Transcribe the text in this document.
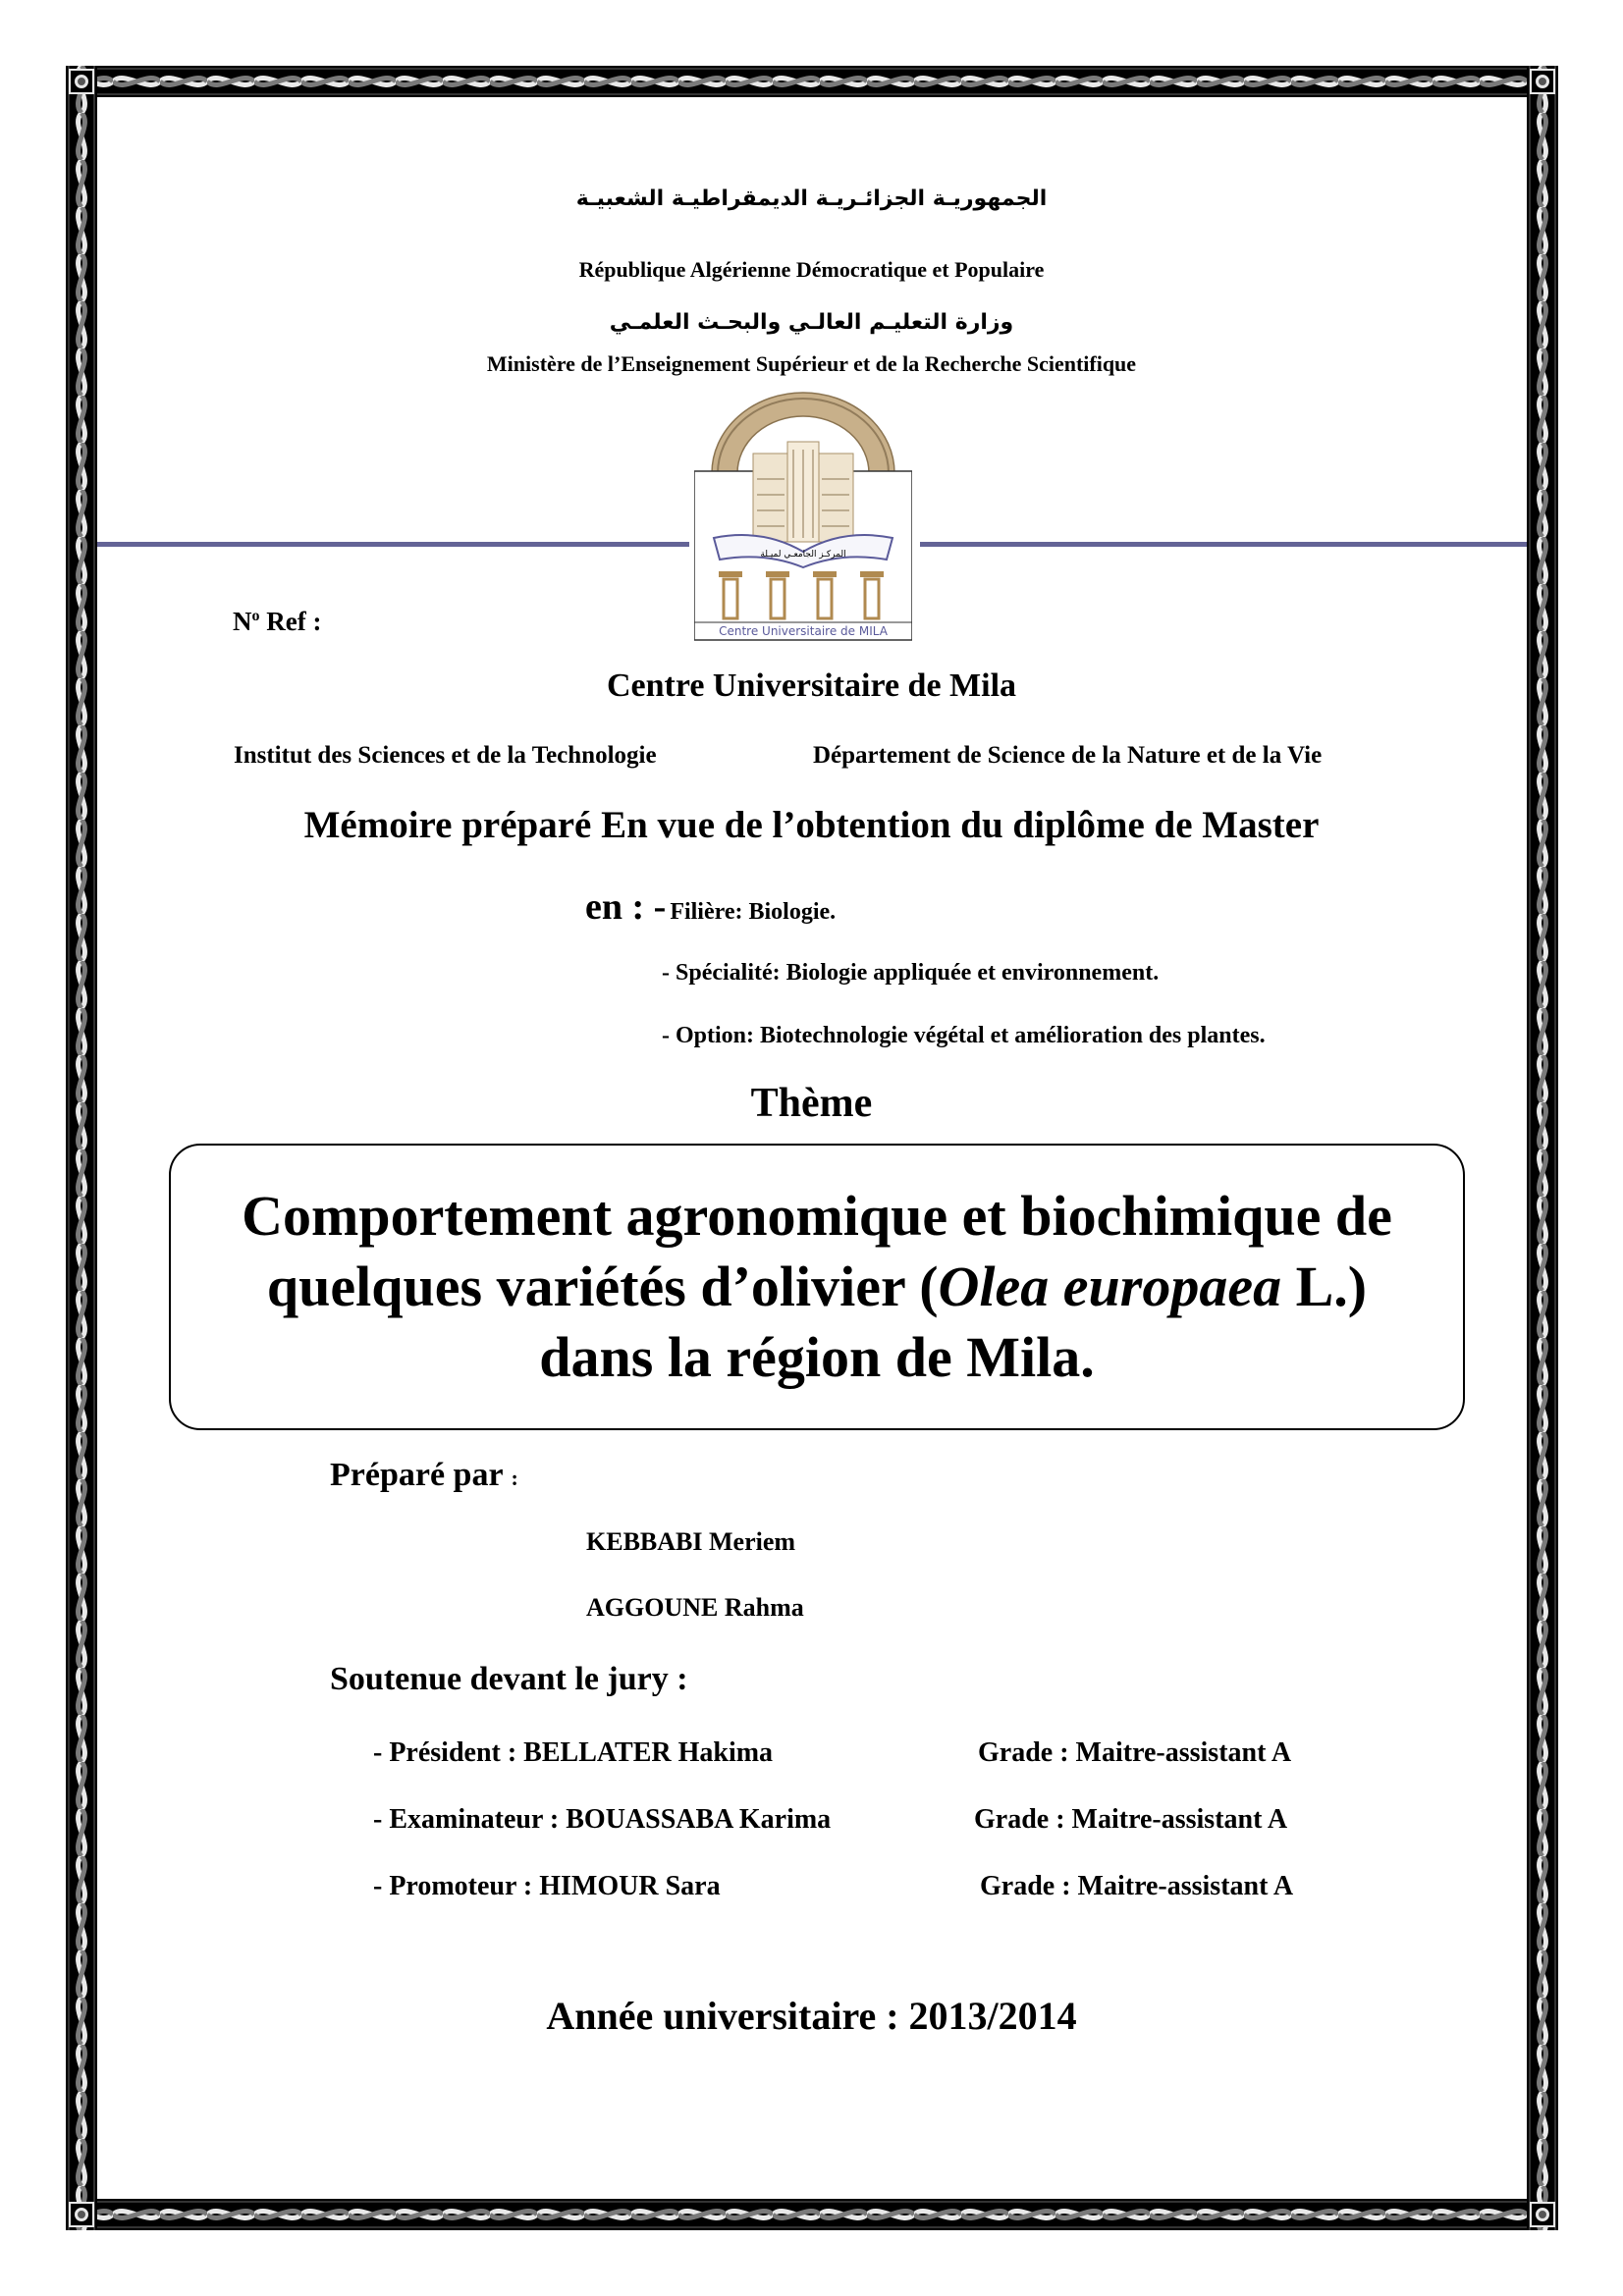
الجمهوريـة الجزائـريـة الديمقراطيـة الشعبيـة
République Algérienne Démocratique et Populaire
وزارة التعليـم العالـي والبحـث العلمـي
Ministère de l’Enseignement Supérieur et de la Recherche Scientifique
المركـز الجامعـي لميـلة
Centre Universitaire de MILA
$N^o$ Ref :
Centre Universitaire de Mila
Institut des Sciences et de la Technologie	Département de Science de la Nature et de la Vie
Mémoire préparé En vue de l’obtention du diplôme de Master
en : - Filière: Biologie.
- Spécialité: Biologie appliquée et environnement.
- Option: Biotechnologie végétal et amélioration des plantes.
Thème
Comportement agronomique et biochimique de
quelques variétés d’olivier (Olea europaea L.)
dans la région de Mila.
Préparé par :
KEBBABI Meriem
AGGOUNE Rahma
Soutenue devant le jury :
- Président : BELLATER Hakima	Grade : Maitre-assistant A
- Examinateur : BOUASSABA Karima	Grade : Maitre-assistant A
- Promoteur : HIMOUR Sara	Grade : Maitre-assistant A
Année universitaire : 2013/2014
